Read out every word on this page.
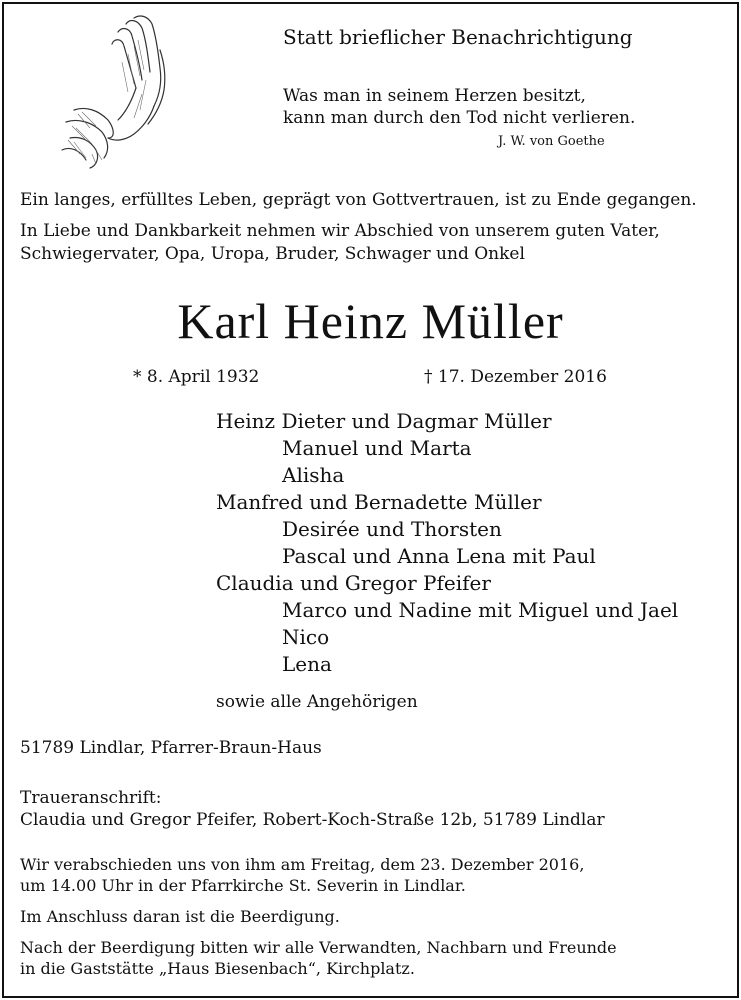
Statt brieflicher Benachrichtigung
Was man in seinem Herzen besitzt,
kann man durch den Tod nicht verlieren.
J. W. von Goethe
Ein langes, erfülltes Leben, geprägt von Gottvertrauen, ist zu Ende gegangen.
In Liebe und Dankbarkeit nehmen wir Abschied von unserem guten Vater,
Schwiegervater, Opa, Uropa, Bruder, Schwager und Onkel
Karl Heinz Müller
* 8. April 1932	† 17. Dezember 2016
Heinz Dieter und Dagmar Müller
Manuel und Marta
Alisha
Manfred und Bernadette Müller
Desirée und Thorsten
Pascal und Anna Lena mit Paul
Claudia und Gregor Pfeifer
Marco und Nadine mit Miguel und Jael
Nico
Lena
sowie alle Angehörigen
51789 Lindlar, Pfarrer-Braun-Haus
Traueranschrift:
Claudia und Gregor Pfeifer, Robert-Koch-Straße 12b, 51789 Lindlar
Wir verabschieden uns von ihm am Freitag, dem 23. Dezember 2016,
um 14.00 Uhr in der Pfarrkirche St. Severin in Lindlar.
Im Anschluss daran ist die Beerdigung.
Nach der Beerdigung bitten wir alle Verwandten, Nachbarn und Freunde
in die Gaststätte „Haus Biesenbach“, Kirchplatz.
